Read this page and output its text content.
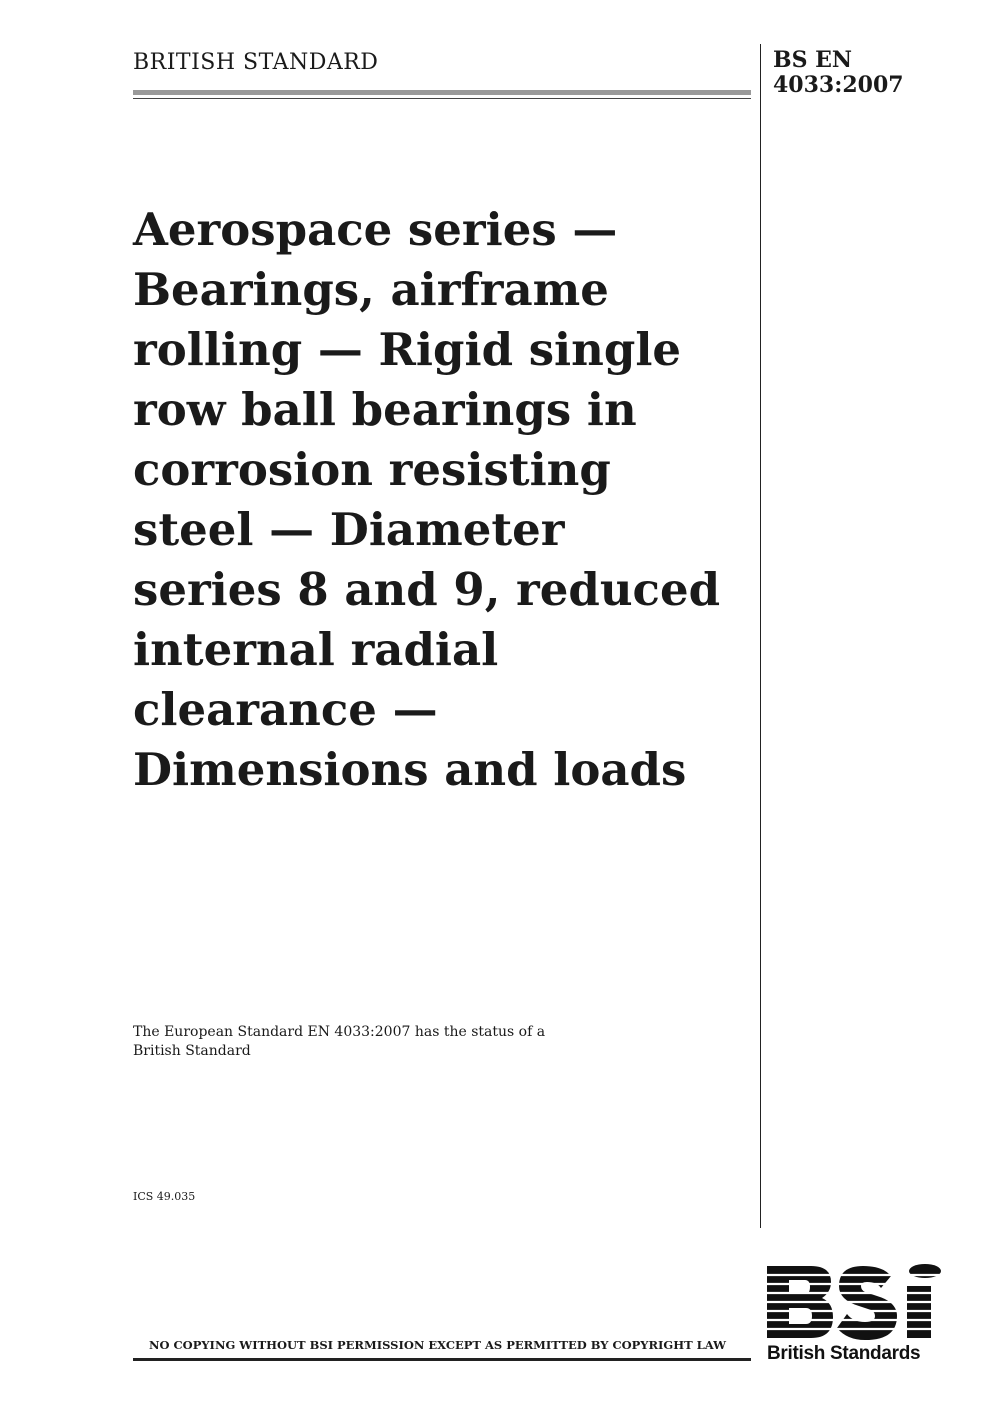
BRITISH STANDARD	BS EN
4033:2007
Aerospace series —
Bearings, airframe
rolling — Rigid single
row ball bearings in
corrosion resisting
steel — Diameter
series 8 and 9, reduced
internal radial
clearance —
Dimensions and loads
The European Standard EN 4033:2007 has the status of a
British Standard
ICS 49.035
NO COPYING WITHOUT BSI PERMISSION EXCEPT AS PERMITTED BY COPYRIGHT LAW British Standards
